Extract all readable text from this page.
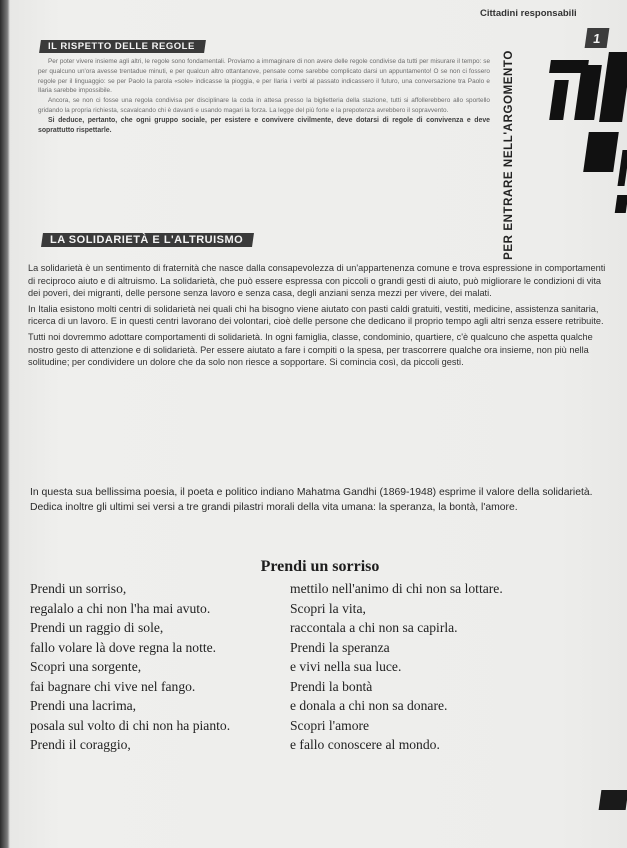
Cittadini responsabili
1
IL RISPETTO DELLE REGOLE

Per poter vivere insieme agli altri, le regole sono fondamentali. Proviamo a immaginare di non avere delle regole condivise da tutti per misurare il tempo: se per qualcuno un'ora avesse trentadue minuti, e per qualcun altro ottantanove, pensate come sarebbe complicato darsi un appuntamento! O se non ci fossero regole per il linguaggio: se per Paolo la parola «sole» indicasse la pioggia, e per Ilaria i verbi al passato indicassero il futuro, una conversazione tra Paolo e Ilaria sarebbe impossibile.

Ancora, se non ci fosse una regola condivisa per disciplinare la coda in attesa presso la biglietteria della stazione, tutti si affollerebbero allo sportello gridando la propria richiesta, scavalcando chi è davanti e usando magari la forza. La legge del più forte e la prepotenza avrebbero il sopravvento.

Si deduce, pertanto, che ogni gruppo sociale, per esistere e convivere civilmente, deve dotarsi di regole di convivenza e deve soprattutto rispettarle.	PER ENTRARE NELL'ARGOMENTO
LA SOLIDARIETÀ E L'ALTRUISMO

La solidarietà è un sentimento di fraternità che nasce dalla consapevolezza di un'appartenenza comune e trova espressione in comportamenti di reciproco aiuto e di altruismo. La solidarietà, che può essere espressa con piccoli o grandi gesti di aiuto, può migliorare le condizioni di vita dei poveri, dei migranti, delle persone senza lavoro e senza casa, degli anziani senza mezzi per vivere, dei malati.

In Italia esistono molti centri di solidarietà nei quali chi ha bisogno viene aiutato con pasti caldi gratuiti, vestiti, medicine, assistenza sanitaria, ricerca di un lavoro. E in questi centri lavorano dei volontari, cioè delle persone che dedicano il proprio tempo agli altri senza essere retribuite.

Tutti noi dovremmo adottare comportamenti di solidarietà. In ogni famiglia, classe, condominio, quartiere, c'è qualcuno che aspetta qualche nostro gesto di attenzione e di solidarietà. Per essere aiutato a fare i compiti o la spesa, per trascorrere qualche ora insieme, non più nella solitudine; per condividere un dolore che da solo non riesce a sopportare. Si comincia così, da piccoli gesti.

In questa sua bellissima poesia, il poeta e politico indiano Mahatma Gandhi (1869-1948) esprime il valore della solidarietà. Dedica inoltre gli ultimi sei versi a tre grandi pilastri morali della vita umana: la speranza, la bontà, l'amore.
Prendi un sorriso
Prendi un sorriso,	mettilo nell'animo di chi non sa lottare.
regalalo a chi non l'ha mai avuto.	Scopri la vita,
Prendi un raggio di sole,	raccontala a chi non sa capirla.
fallo volare là dove regna la notte.	Prendi la speranza
Scopri una sorgente,	e vivi nella sua luce.
fai bagnare chi vive nel fango.	Prendi la bontà
Prendi una lacrima,	e donala a chi non sa donare.
posala sul volto di chi non ha pianto.	Scopri l'amore
Prendi il coraggio,	e fallo conoscere al mondo.
